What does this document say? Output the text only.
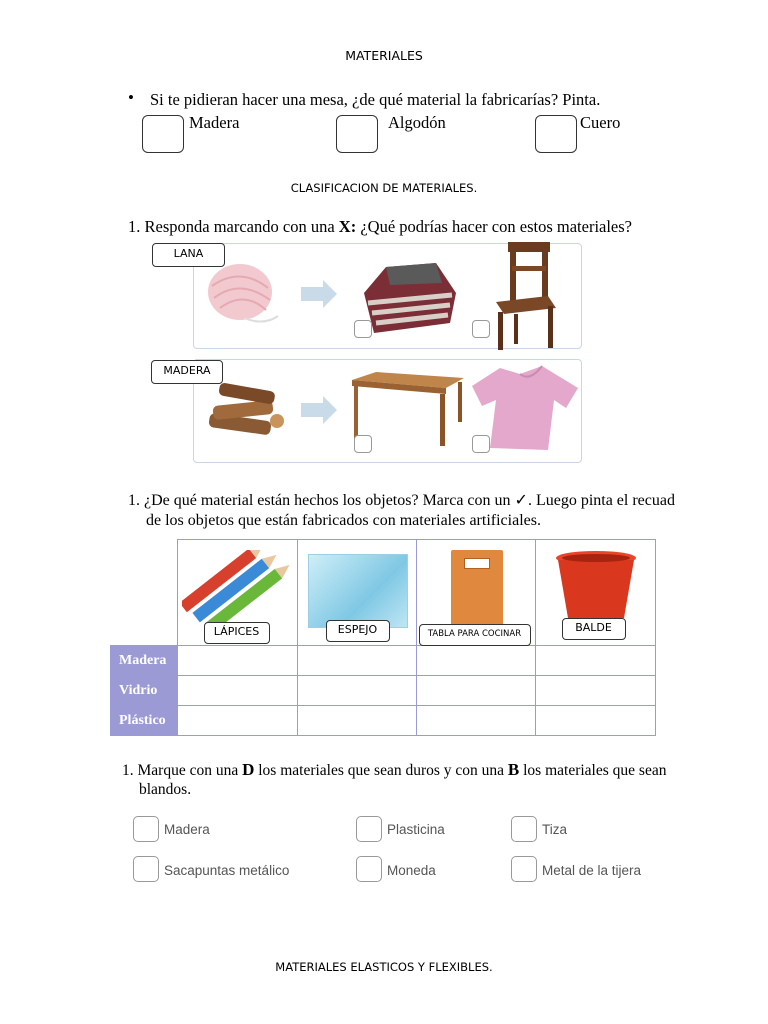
MATERIALES
• Si te pidieran hacer una mesa, ¿de qué material la fabricarías? Pinta.
Madera	Algodón	Cuero
CLASIFICACION DE MATERIALES.
1. Responda marcando con una X: ¿Qué podrías hacer con estos materiales?
LANA
MADERA
1. ¿De qué material están hechos los objetos? Marca con un ✓. Luego pinta el recuad
de los objetos que están fabricados con materiales artificiales.

	LÁPICES	ESPEJO	TABLA PARA COCINAR	BALDE

Madera				
Vidrio				
Plástico				
1. Marque con una D los materiales que sean duros y con una B los materiales que sean
blandos.
Madera	Plasticina	Tiza
Sacapuntas metálico	Moneda	Metal de la tijera
MATERIALES ELASTICOS Y FLEXIBLES.
